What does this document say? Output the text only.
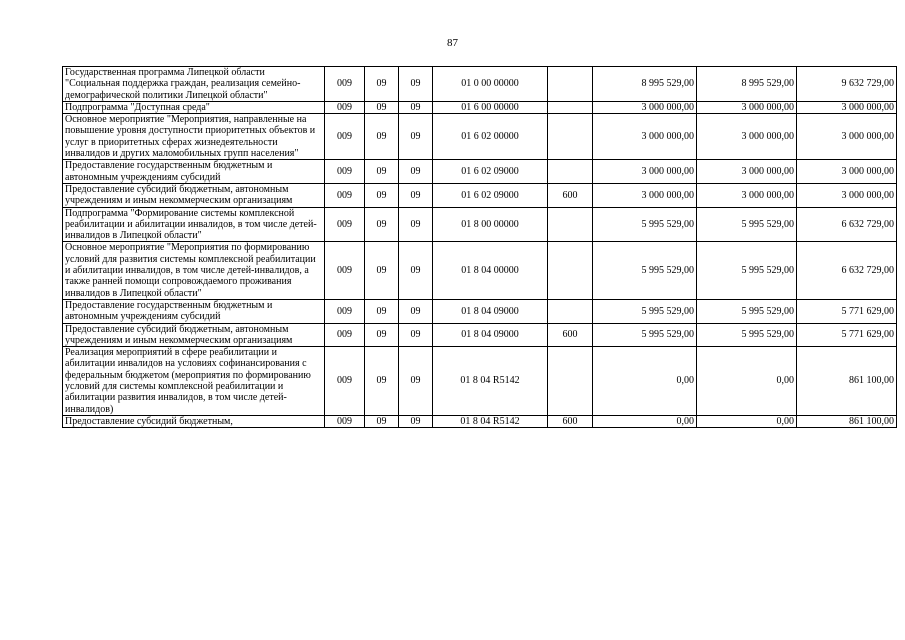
87
Государственная программа Липецкой области "Социальная поддержка граждан, реализация семейно-демографической политики Липецкой области"	009	09	09	01 0 00 00000		8 995 529,00	8 995 529,00	9 632 729,00
Подпрограмма "Доступная среда"	009	09	09	01 6 00 00000		3 000 000,00	3 000 000,00	3 000 000,00
Основное мероприятие "Мероприятия, направленные на повышение уровня доступности приоритетных объектов и услуг в приоритетных сферах жизнедеятельности инвалидов и других маломобильных групп населения"	009	09	09	01 6 02 00000		3 000 000,00	3 000 000,00	3 000 000,00
Предоставление государственным бюджетным и автономным учреждениям субсидий	009	09	09	01 6 02 09000		3 000 000,00	3 000 000,00	3 000 000,00
Предоставление субсидий бюджетным, автономным учреждениям и иным некоммерческим организациям	009	09	09	01 6 02 09000	600	3 000 000,00	3 000 000,00	3 000 000,00
Подпрограмма "Формирование системы комплексной реабилитации и абилитации инвалидов, в том числе детей-инвалидов в Липецкой области"	009	09	09	01 8 00 00000		5 995 529,00	5 995 529,00	6 632 729,00
Основное мероприятие "Мероприятия по формированию условий для развития системы комплексной реабилитации и абилитации инвалидов, в том числе детей-инвалидов, а также ранней помощи сопровождаемого проживания инвалидов в Липецкой области"	009	09	09	01 8 04 00000		5 995 529,00	5 995 529,00	6 632 729,00
Предоставление государственным бюджетным и автономным учреждениям субсидий	009	09	09	01 8 04 09000		5 995 529,00	5 995 529,00	5 771 629,00
Предоставление субсидий бюджетным, автономным учреждениям и иным некоммерческим организациям	009	09	09	01 8 04 09000	600	5 995 529,00	5 995 529,00	5 771 629,00
Реализация мероприятий в сфере реабилитации и абилитации инвалидов на условиях софинансирования с федеральным бюджетом (мероприятия по формированию условий для системы комплексной реабилитации и абилитации развития инвалидов, в том числе детей-инвалидов)	009	09	09	01 8 04 R5142		0,00	0,00	861 100,00
Предоставление субсидий бюджетным,	009	09	09	01 8 04 R5142	600	0,00	0,00	861 100,00
